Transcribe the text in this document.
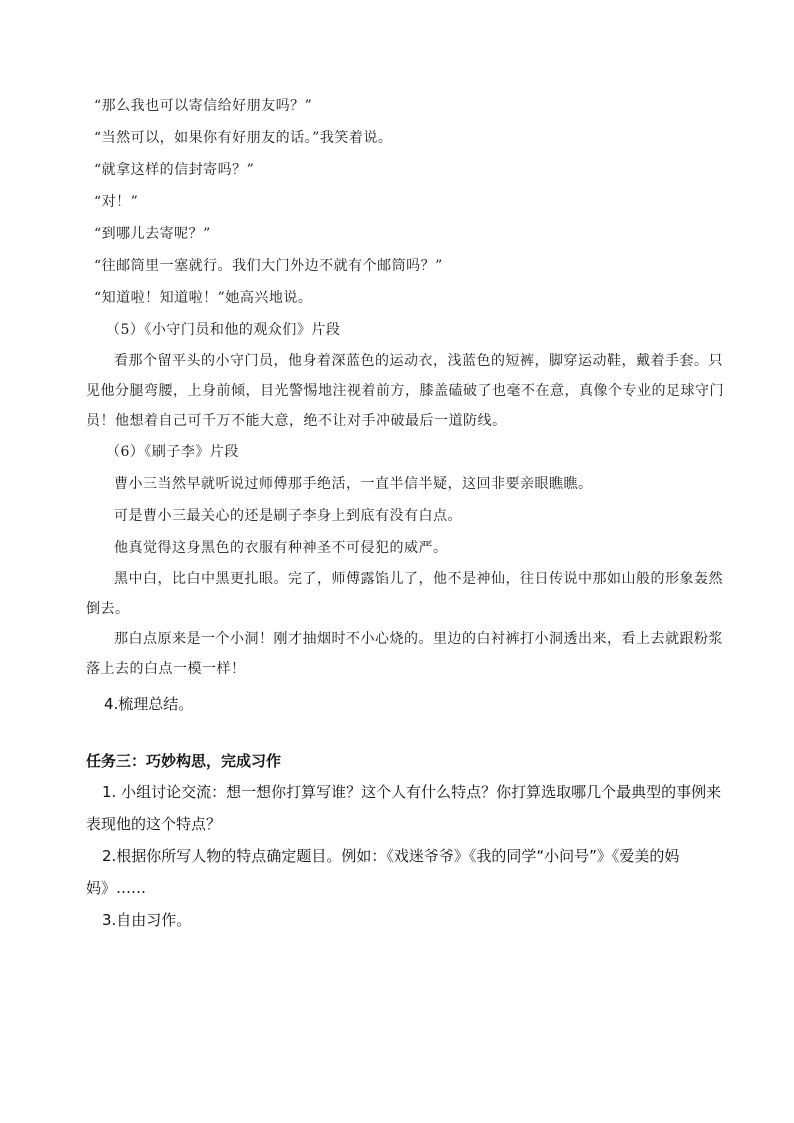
“那么我也可以寄信给好朋友吗？”

“当然可以，如果你有好朋友的话。”我笑着说。

“就拿这样的信封寄吗？”

“对！”

“到哪儿去寄呢？”

“往邮筒里一塞就行。我们大门外边不就有个邮筒吗？”

“知道啦！知道啦！”她高兴地说。

（5）《小守门员和他的观众们》片段

看那个留平头的小守门员，他身着深蓝色的运动衣，浅蓝色的短裤，脚穿运动鞋，戴着手套。只见他分腿弯腰，上身前倾，目光警惕地注视着前方，膝盖磕破了也毫不在意，真像个专业的足球守门员！他想着自己可千万不能大意，绝不让对手冲破最后一道防线。

（6）《刷子李》片段

曹小三当然早就听说过师傅那手绝活，一直半信半疑，这回非要亲眼瞧瞧。

可是曹小三最关心的还是刷子李身上到底有没有白点。

他真觉得这身黑色的衣服有种神圣不可侵犯的威严。

黑中白，比白中黑更扎眼。完了，师傅露馅儿了，他不是神仙，往日传说中那如山般的形象轰然倒去。

那白点原来是一个小洞！刚才抽烟时不小心烧的。里边的白衬裤打小洞透出来，看上去就跟粉浆落上去的白点一模一样！

4.梳理总结。

任务三：巧妙构思，完成习作

1. 小组讨论交流：想一想你打算写谁？这个人有什么特点？你打算选取哪几个最典型的事例来表现他的这个特点？

2.根据你所写人物的特点确定题目。例如：《戏迷爷爷》《我的同学“小问号”》《爱美的妈妈》……

3.自由习作。
